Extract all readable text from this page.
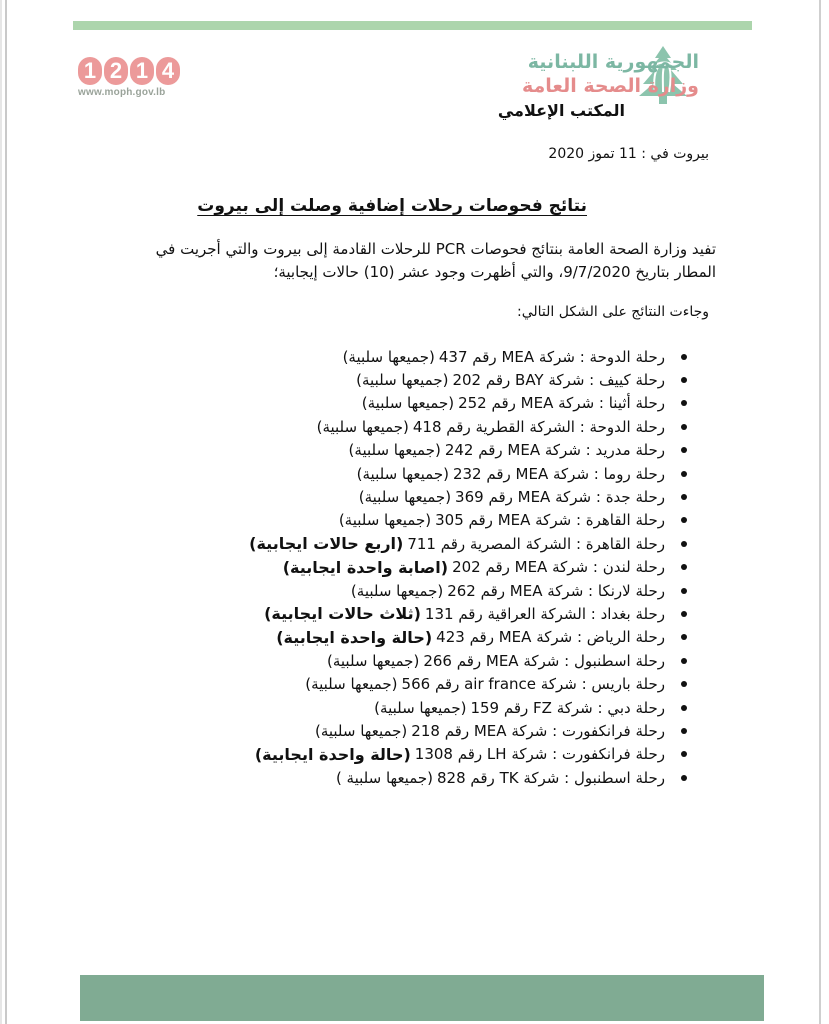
1 2 1 4
www.moph.gov.lb
الجمهورية اللبنانية
وزارة الصحة العامة
المكتب الإعلامي
بيروت في : 11 تموز 2020
نتائج فحوصات رحلات إضافية وصلت إلى بيروت
تفيد وزارة الصحة العامة بنتائج فحوصات PCR للرحلات القادمة إلى بيروت والتي أجريت في المطار بتاريخ 9/7/2020، والتي أظهرت وجود عشر (10) حالات إيجابية؛
وجاءت النتائج على الشكل التالي:
رحلة الدوحة : شركة MEA رقم 437
(جميعها سلبية)
رحلة كييف : شركة BAY رقم 202
(جميعها سلبية)
رحلة أثينا : شركة MEA رقم 252
(جميعها سلبية)
رحلة الدوحة : الشركة القطرية رقم 418
(جميعها سلبية)
رحلة مدريد : شركة MEA رقم 242
(جميعها سلبية)
رحلة روما : شركة MEA رقم 232
(جميعها سلبية)
رحلة جدة : شركة MEA رقم 369
(جميعها سلبية)
رحلة القاهرة : شركة MEA رقم 305
(جميعها سلبية)
رحلة القاهرة : الشركة المصرية رقم 711
(اربع حالات ايجابية)
رحلة لندن : شركة MEA رقم 202
(اصابة واحدة ايجابية)
رحلة لارنكا : شركة MEA رقم 262
(جميعها سلبية)
رحلة بغداد : الشركة العراقية رقم 131
(ثلاث حالات ايجابية)
رحلة الرياض : شركة MEA رقم 423
(حالة واحدة ايجابية)
رحلة اسطنبول : شركة MEA رقم 266
(جميعها سلبية)
رحلة باريس : شركة air france رقم 566
(جميعها سلبية)
رحلة دبي : شركة FZ رقم 159
(جميعها سلبية)
رحلة فرانكفورت : شركة MEA رقم 218
(جميعها سلبية)
رحلة فرانكفورت : شركة LH رقم 1308
(حالة واحدة ايجابية)
رحلة اسطنبول : شركة TK رقم 828
(جميعها سلبية )
